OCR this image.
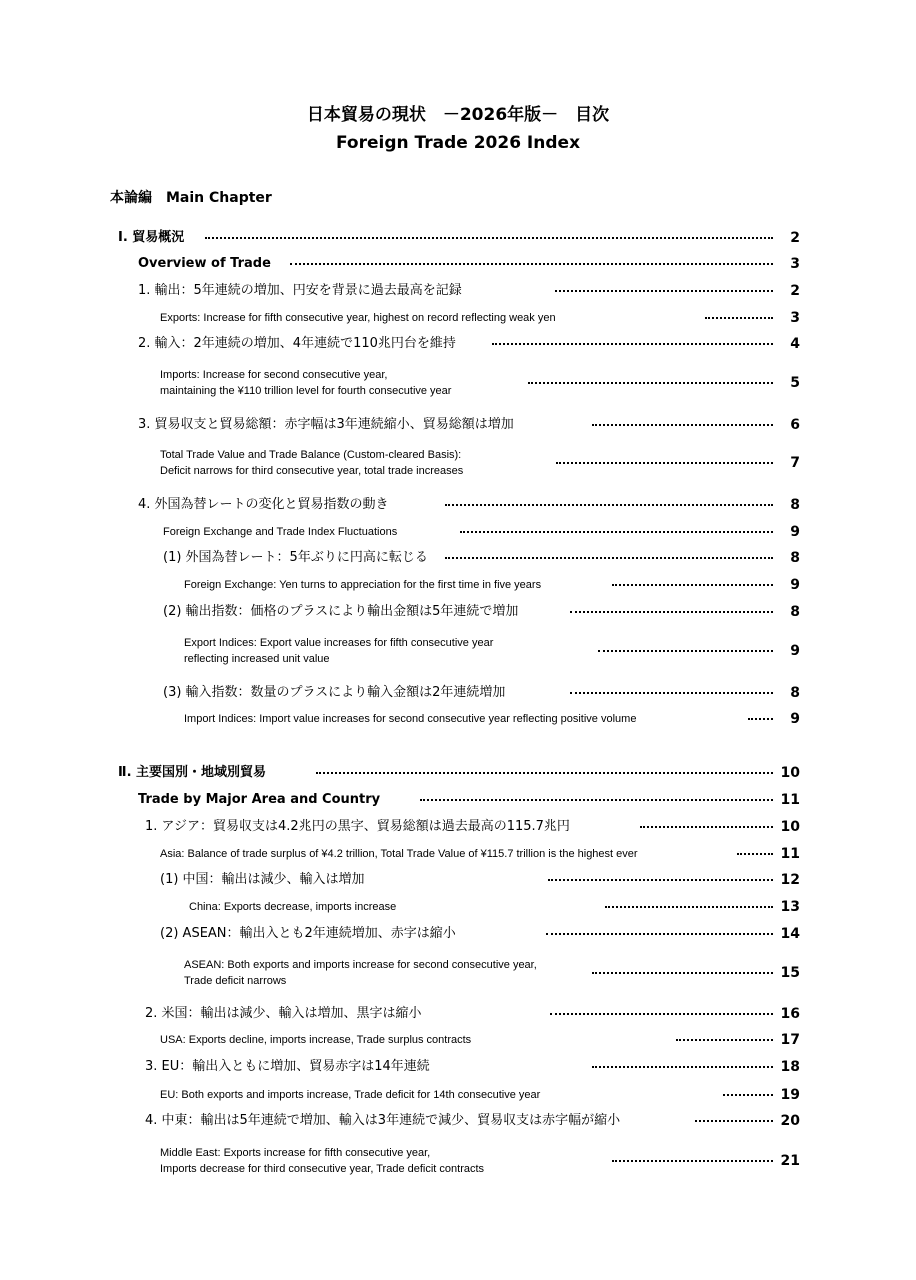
日本貿易の現状　－2026年版－　目次
Foreign Trade 2026 Index
本論編　Main Chapter
Ⅰ. 貿易概況	2
Overview of Trade	3
1. 輸出：5年連続の増加、円安を背景に過去最高を記録	2
Exports: Increase for fifth consecutive year, highest on record reflecting weak yen	3
2. 輸入：2年連続の増加、4年連続で110兆円台を維持	4
Imports: Increase for second consecutive year,
maintaining the ¥110 trillion level for fourth consecutive year	5
3. 貿易収支と貿易総額：赤字幅は3年連続縮小、貿易総額は増加	6
Total Trade Value and Trade Balance (Custom-cleared Basis):
Deficit narrows for third consecutive year, total trade increases	7
4. 外国為替レートの変化と貿易指数の動き	8
Foreign Exchange and Trade Index Fluctuations	9
(1) 外国為替レート：5年ぶりに円高に転じる	8
Foreign Exchange: Yen turns to appreciation for the first time in five years	9
(2) 輸出指数：価格のプラスにより輸出金額は5年連続で増加	8
Export Indices: Export value increases for fifth consecutive year
reflecting increased unit value	9
(3) 輸入指数：数量のプラスにより輸入金額は2年連続増加	8
Import Indices: Import value increases for second consecutive year reflecting positive volume	9
Ⅱ. 主要国別・地域別貿易	10
Trade by Major Area and Country	11
1. アジア：貿易収支は4.2兆円の黒字、貿易総額は過去最高の115.7兆円	10
Asia: Balance of trade surplus of ¥4.2 trillion, Total Trade Value of ¥115.7 trillion is the highest ever	11
(1) 中国：輸出は減少、輸入は増加	12
China: Exports decrease, imports increase	13
(2) ASEAN：輸出入とも2年連続増加、赤字は縮小	14
ASEAN: Both exports and imports increase for second consecutive year,
Trade deficit narrows	15
2. 米国：輸出は減少、輸入は増加、黒字は縮小	16
USA: Exports decline, imports increase, Trade surplus contracts	17
3. EU：輸出入ともに増加、貿易赤字は14年連続	18
EU: Both exports and imports increase, Trade deficit for 14th consecutive year	19
4. 中東：輸出は5年連続で増加、輸入は3年連続で減少、貿易収支は赤字幅が縮小	20
Middle East: Exports increase for fifth consecutive year,
Imports decrease for third consecutive year, Trade deficit contracts	21
